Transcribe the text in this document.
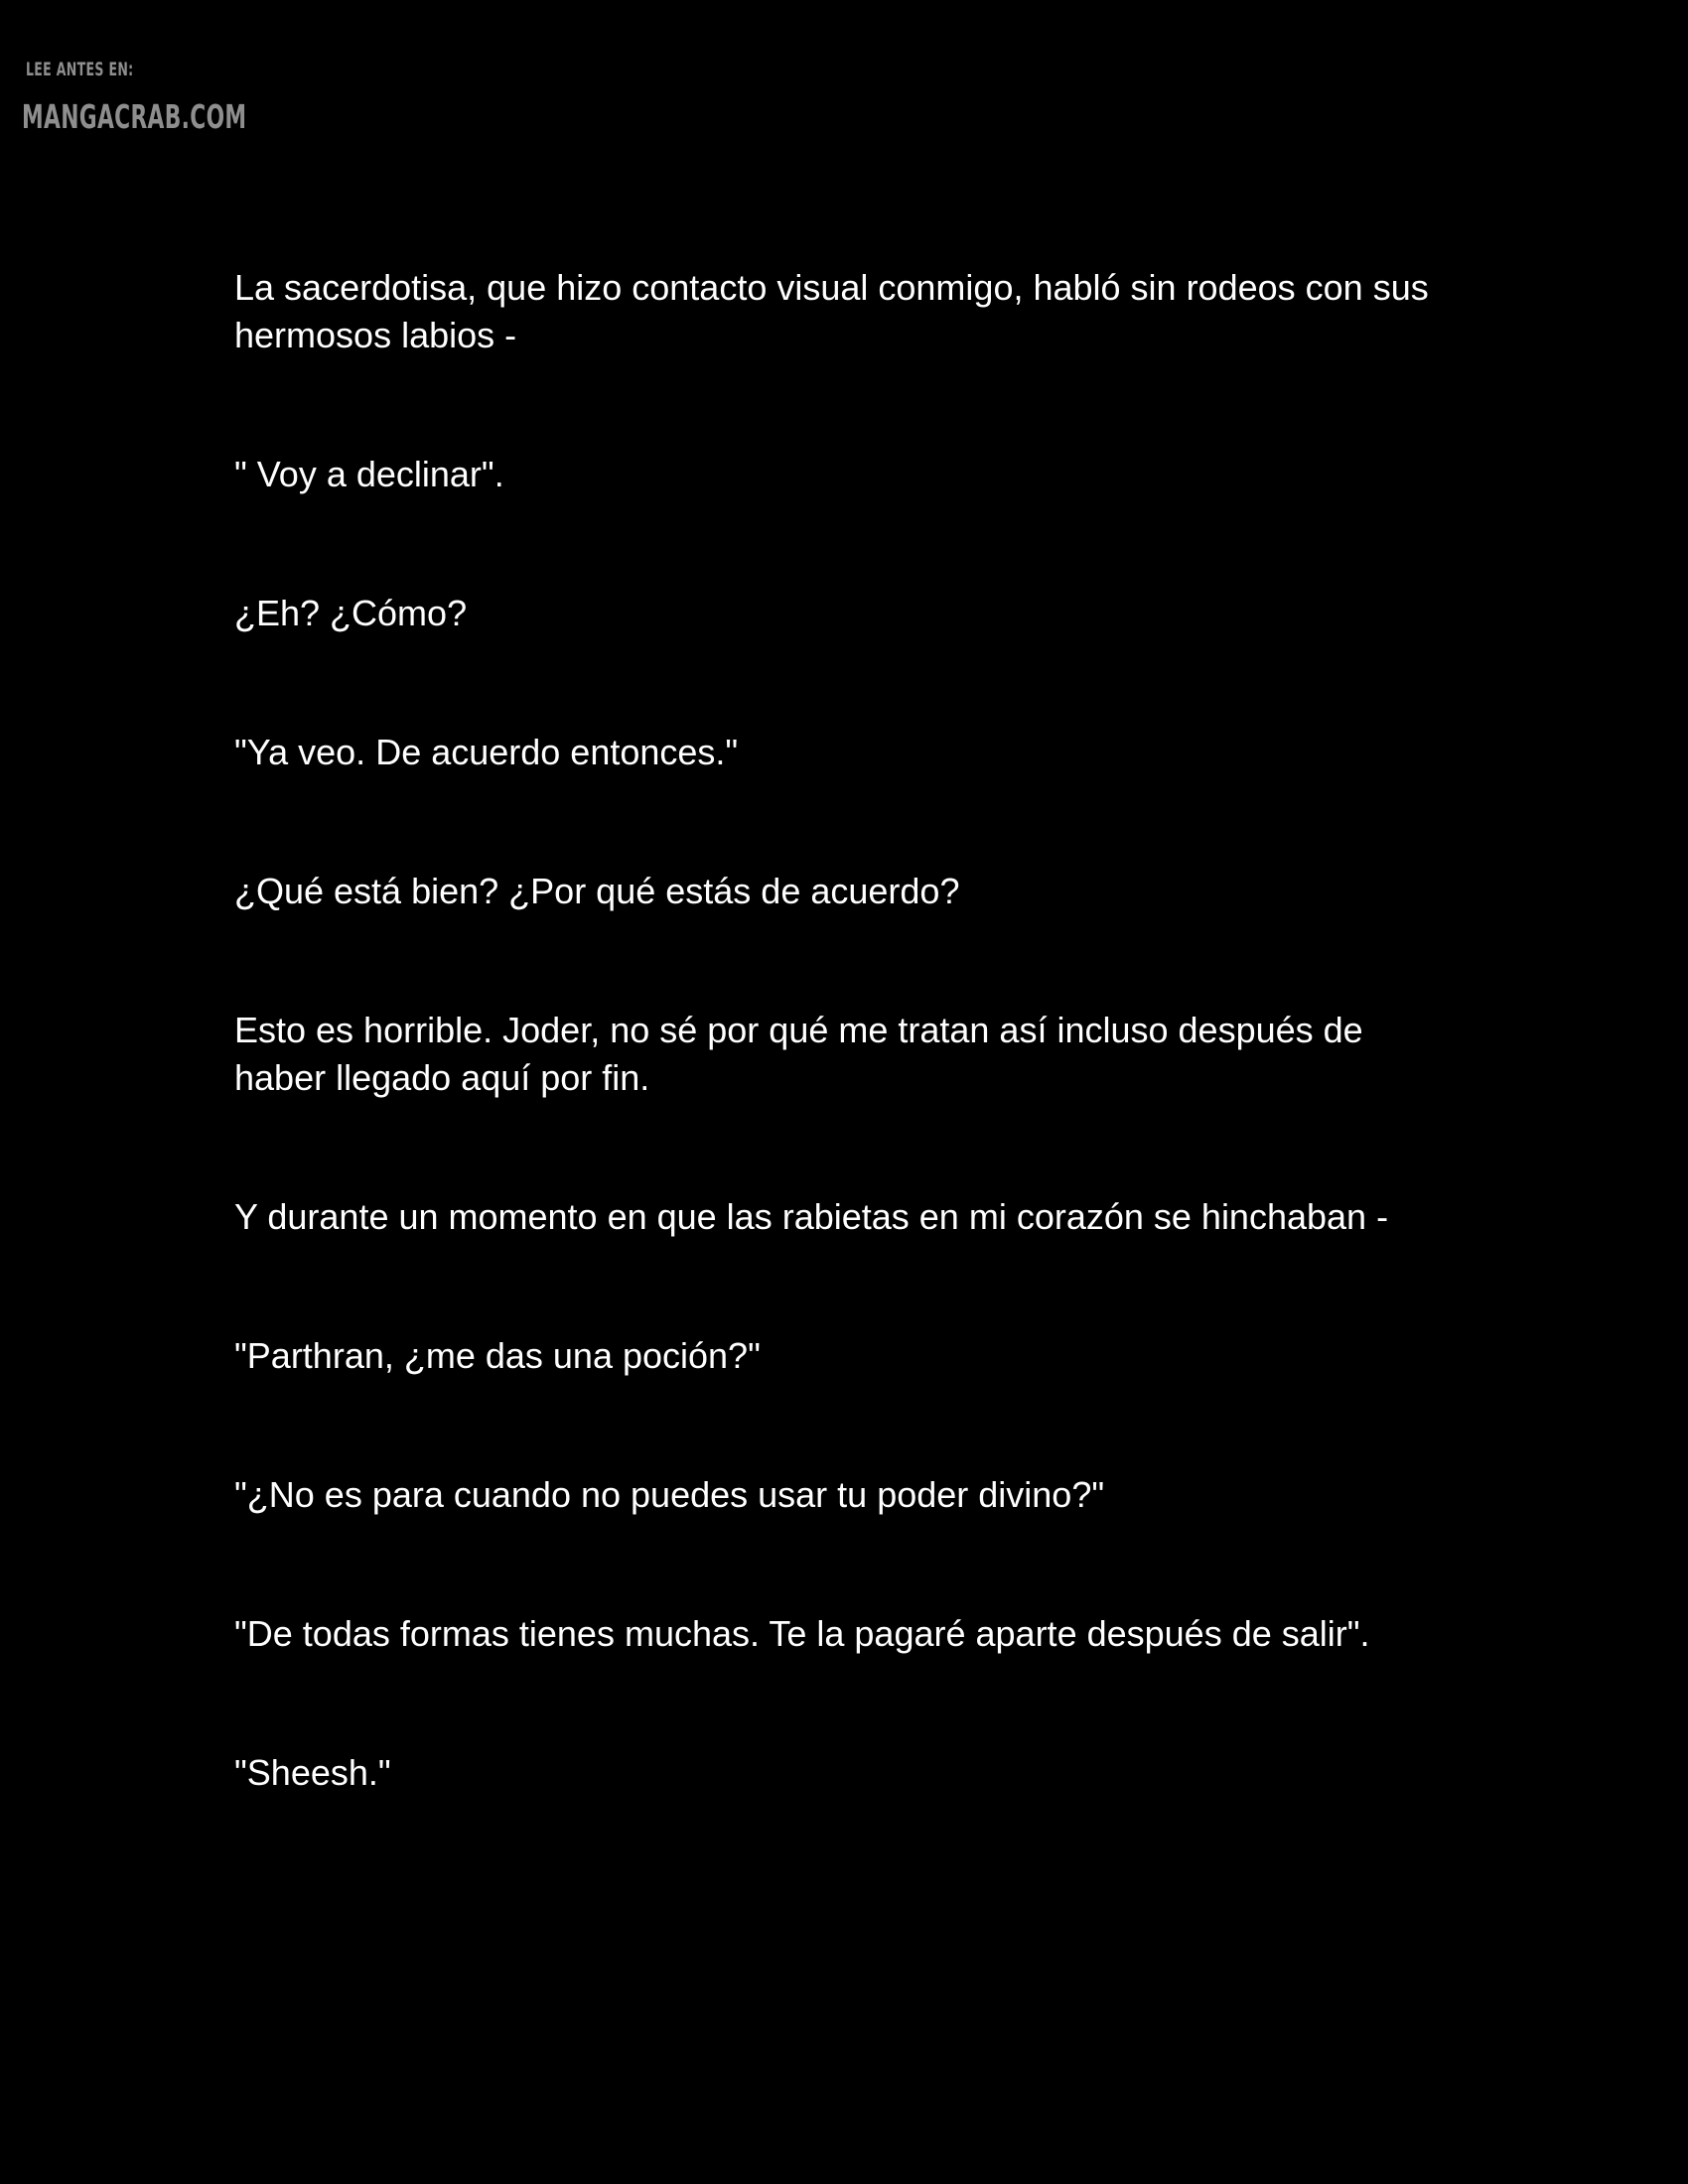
LEE ANTES EN:
MANGACRAB.COM

La sacerdotisa, que hizo contacto visual conmigo, habló sin rodeos con sus hermosos labios -

" Voy a declinar".

¿Eh? ¿Cómo?

"Ya veo. De acuerdo entonces."

¿Qué está bien? ¿Por qué estás de acuerdo?

Esto es horrible. Joder, no sé por qué me tratan así incluso después de haber llegado aquí por fin.

Y durante un momento en que las rabietas en mi corazón se hinchaban -

"Parthran, ¿me das una poción?"

"¿No es para cuando no puedes usar tu poder divino?"

"De todas formas tienes muchas. Te la pagaré aparte después de salir".

"Sheesh."
